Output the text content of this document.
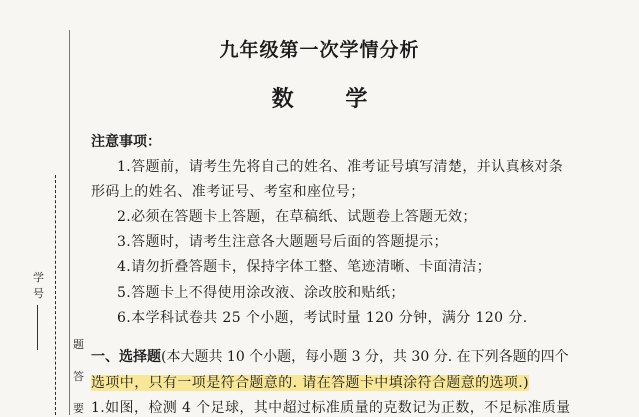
学 号
题
答
要
九年级第一次学情分析
数 学
注意事项：
1.答题前，请考生先将自己的姓名、准考证号填写清楚，并认真核对条
形码上的姓名、准考证号、考室和座位号；
2.必须在答题卡上答题，在草稿纸、试题卷上答题无效；
3.答题时，请考生注意各大题题号后面的答题提示；
4.请勿折叠答题卡，保持字体工整、笔迹清晰、卡面清洁；
5.答题卡上不得使用涂改液、涂改胶和贴纸；
6.本学科试卷共 25 个小题，考试时量 120 分钟，满分 120 分.
一、选择题(本大题共 10 个小题，每小题 3 分，共 30 分. 在下列各题的四个
选项中，只有一项是符合题意的. 请在答题卡中填涂符合题意的选项.)
1.如图，检测 4 个足球，其中超过标准质量的克数记为正数，不足标准质量
